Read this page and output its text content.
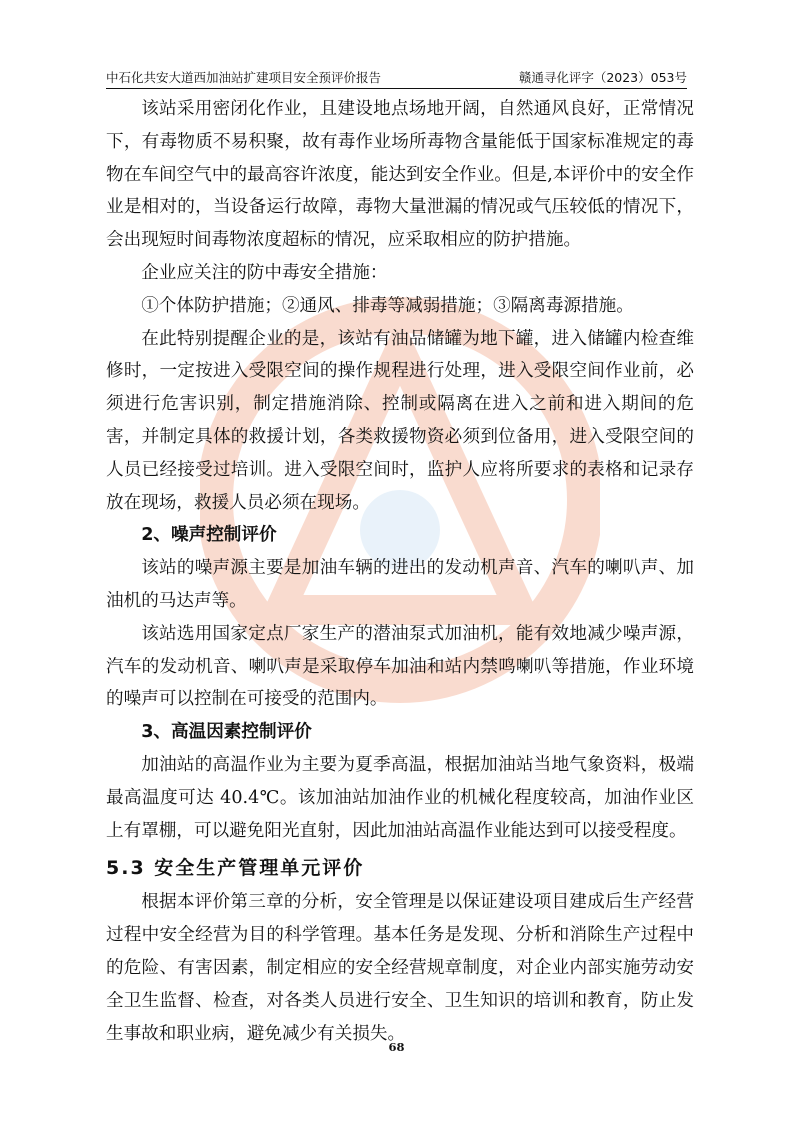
中石化共安大道西加油站扩建项目安全预评价报告	赣通寻化评字（2023）053号

该站采用密闭化作业，且建设地点场地开阔，自然通风良好，正常情况下，有毒物质不易积聚，故有毒作业场所毒物含量能低于国家标准规定的毒物在车间空气中的最高容许浓度，能达到安全作业。但是,本评价中的安全作业是相对的，当设备运行故障，毒物大量泄漏的情况或气压较低的情况下，会出现短时间毒物浓度超标的情况，应采取相应的防护措施。

企业应关注的防中毒安全措施：

①个体防护措施；②通风、排毒等减弱措施；③隔离毒源措施。

在此特别提醒企业的是，该站有油品储罐为地下罐，进入储罐内检查维修时，一定按进入受限空间的操作规程进行处理，进入受限空间作业前，必须进行危害识别，制定措施消除、控制或隔离在进入之前和进入期间的危害，并制定具体的救援计划，各类救援物资必须到位备用，进入受限空间的人员已经接受过培训。进入受限空间时，监护人应将所要求的表格和记录存放在现场，救援人员必须在现场。

2、噪声控制评价

该站的噪声源主要是加油车辆的进出的发动机声音、汽车的喇叭声、加油机的马达声等。

该站选用国家定点厂家生产的潜油泵式加油机，能有效地减少噪声源，汽车的发动机音、喇叭声是采取停车加油和站内禁鸣喇叭等措施，作业环境的噪声可以控制在可接受的范围内。

3、高温因素控制评价

加油站的高温作业为主要为夏季高温，根据加油站当地气象资料，极端最高温度可达 40.4℃。该加油站加油作业的机械化程度较高，加油作业区上有罩棚，可以避免阳光直射，因此加油站高温作业能达到可以接受程度。

5.3 安全生产管理单元评价

根据本评价第三章的分析，安全管理是以保证建设项目建成后生产经营过程中安全经营为目的科学管理。基本任务是发现、分析和消除生产过程中的危险、有害因素，制定相应的安全经营规章制度，对企业内部实施劳动安全卫生监督、检查，对各类人员进行安全、卫生知识的培训和教育，防止发生事故和职业病，避免减少有关损失。

68
